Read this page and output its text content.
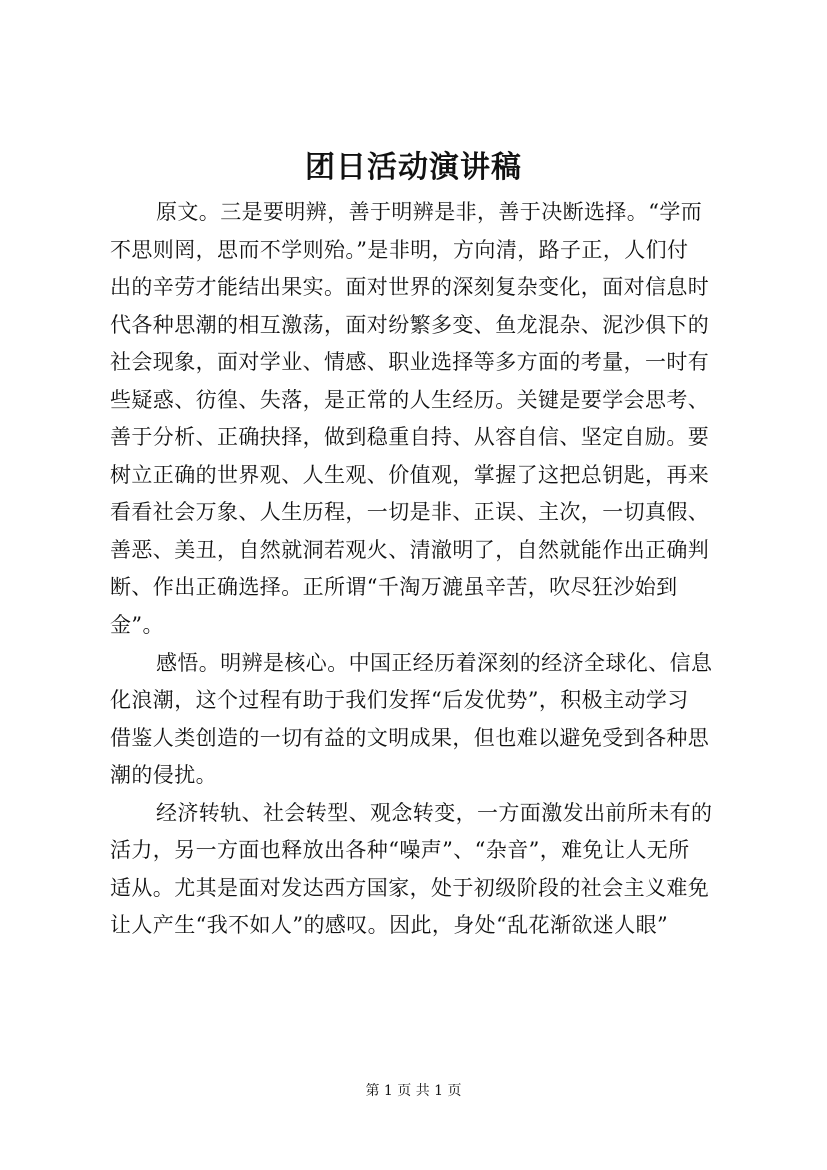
团日活动演讲稿
原文。三是要明辨，善于明辨是非，善于决断选择。“学而
不思则罔，思而不学则殆。”是非明，方向清，路子正，人们付
出的辛劳才能结出果实。面对世界的深刻复杂变化，面对信息时
代各种思潮的相互激荡，面对纷繁多变、鱼龙混杂、泥沙俱下的
社会现象，面对学业、情感、职业选择等多方面的考量，一时有
些疑惑、彷徨、失落，是正常的人生经历。关键是要学会思考、
善于分析、正确抉择，做到稳重自持、从容自信、坚定自励。要
树立正确的世界观、人生观、价值观，掌握了这把总钥匙，再来
看看社会万象、人生历程，一切是非、正误、主次，一切真假、
善恶、美丑，自然就洞若观火、清澈明了，自然就能作出正确判
断、作出正确选择。正所谓“千淘万漉虽辛苦，吹尽狂沙始到
金”。
感悟。明辨是核心。中国正经历着深刻的经济全球化、信息
化浪潮，这个过程有助于我们发挥“后发优势”，积极主动学习
借鉴人类创造的一切有益的文明成果，但也难以避免受到各种思
潮的侵扰。
经济转轨、社会转型、观念转变，一方面激发出前所未有的
活力，另一方面也释放出各种“噪声”、“杂音”，难免让人无所
适从。尤其是面对发达西方国家，处于初级阶段的社会主义难免
让人产生“我不如人”的感叹。因此，身处“乱花渐欲迷人眼”
第 1 页 共 1 页
